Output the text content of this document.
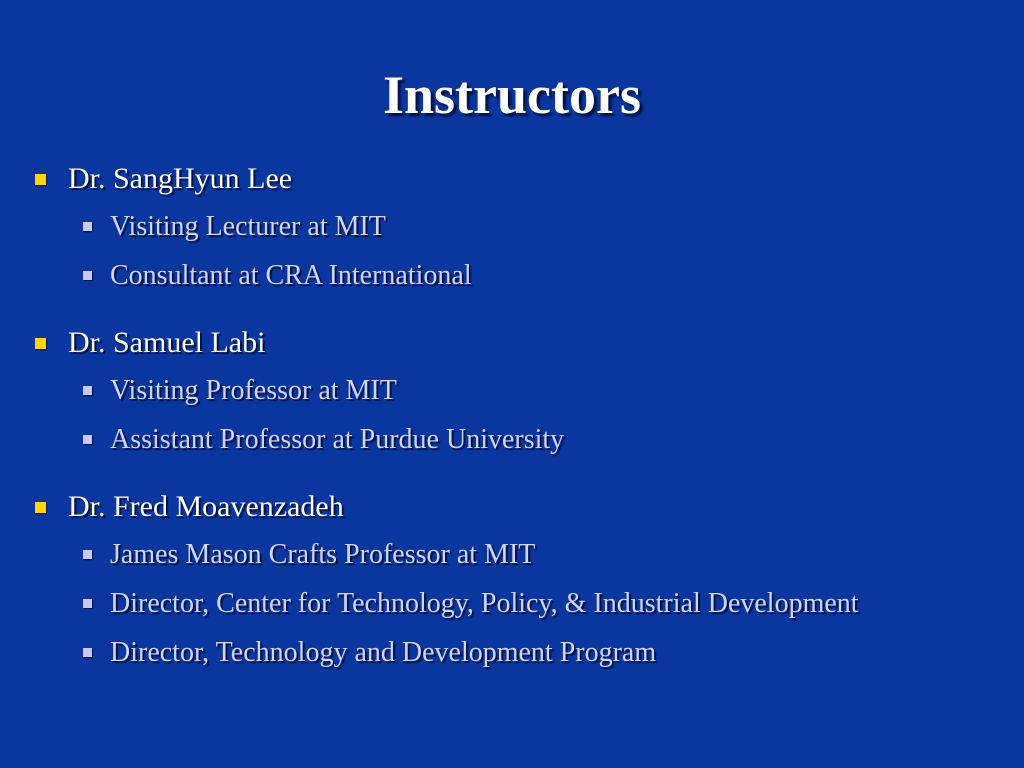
Instructors
Dr. SangHyun Lee
Visiting Lecturer at MIT
Consultant at CRA International
Dr. Samuel Labi
Visiting Professor at MIT
Assistant Professor at Purdue University
Dr. Fred Moavenzadeh
James Mason Crafts Professor at MIT
Director, Center for Technology, Policy, & Industrial Development
Director, Technology and Development Program
